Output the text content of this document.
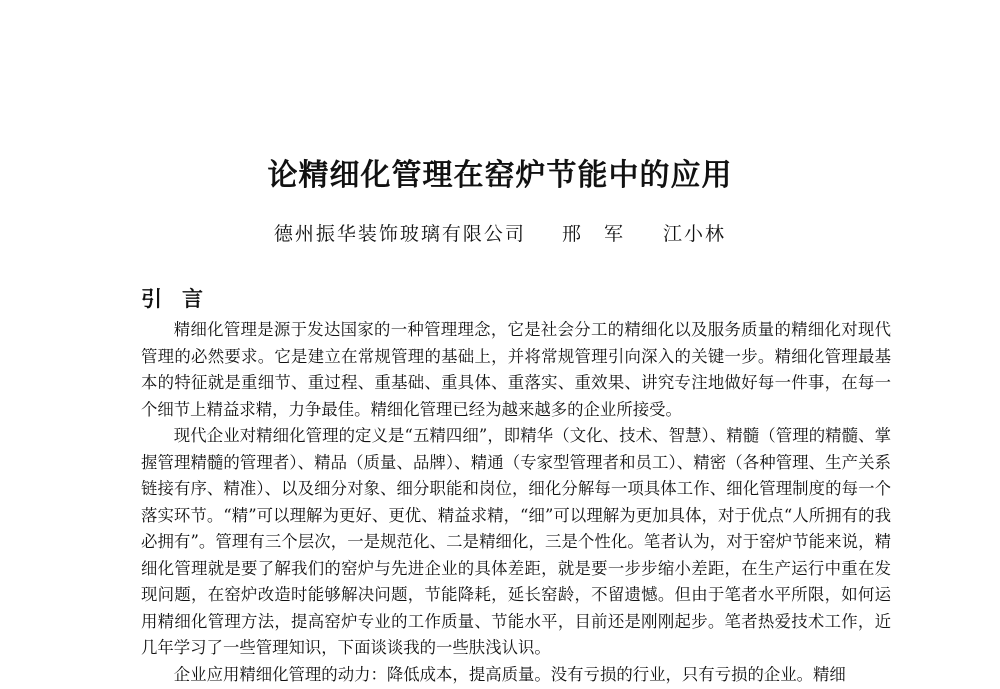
论精细化管理在窑炉节能中的应用
德州振华装饰玻璃有限公司 邢　军 江小林
引言

精细化管理是源于发达国家的一种管理理念，它是社会分工的精细化以及服务质量的精细化对现代管理的必然要求。它是建立在常规管理的基础上，并将常规管理引向深入的关键一步。精细化管理最基本的特征就是重细节、重过程、重基础、重具体、重落实、重效果、讲究专注地做好每一件事，在每一个细节上精益求精，力争最佳。精细化管理已经为越来越多的企业所接受。

现代企业对精细化管理的定义是“五精四细”，即精华（文化、技术、智慧）、精髓（管理的精髓、掌握管理精髓的管理者）、精品（质量、品牌）、精通（专家型管理者和员工）、精密（各种管理、生产关系链接有序、精准）、以及细分对象、细分职能和岗位，细化分解每一项具体工作、细化管理制度的每一个落实环节。“精”可以理解为更好、更优、精益求精，“细”可以理解为更加具体，对于优点“人所拥有的我必拥有”。管理有三个层次，一是规范化、二是精细化，三是个性化。笔者认为，对于窑炉节能来说，精细化管理就是要了解我们的窑炉与先进企业的具体差距，就是要一步步缩小差距，在生产运行中重在发现问题，在窑炉改造时能够解决问题，节能降耗，延长窑龄，不留遗憾。但由于笔者水平所限，如何运用精细化管理方法，提高窑炉专业的工作质量、节能水平，目前还是刚刚起步。笔者热爱技术工作，近几年学习了一些管理知识，下面谈谈我的一些肤浅认识。

企业应用精细化管理的动力：降低成本，提高质量。没有亏损的行业，只有亏损的企业。精细
